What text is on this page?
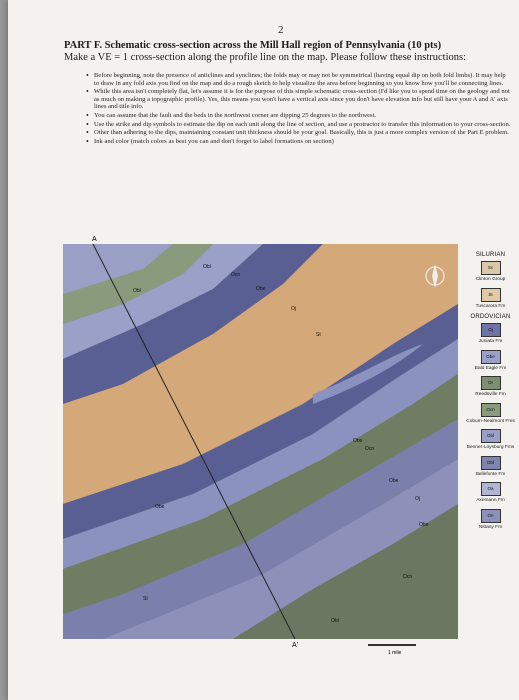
2
PART F. Schematic cross-section across the Mill Hall region of Pennsylvania (10 pts)
Make a VE = 1 cross-section along the profile line on the map. Please follow these instructions:
• Before beginning, note the presence of anticlines and synclines; the folds may or may not be symmetrical (having equal dip on both fold limbs). It may help to draw in any fold axis you find on the map and do a rough sketch to help visualize the area before beginning so you know how you'll be connecting lines.
• While this area isn't completely flat, let's assume it is for the purpose of this simple schematic cross-section (I'd like you to spend time on the geology and not as much on making a topographic profile). Yes, this means you won't have a vertical axis since you don't have elevation info but still have your A and A' axis lines and title info.
• You can assume that the fault and the beds in the northwest corner are dipping 25 degrees to the northwest.
• Use the strike and dip symbols to estimate the dip on each unit along the line of section, and use a protractor to transfer this information to your cross-section.
• Other than adhering to the dips, maintaining constant unit thickness should be your goal. Basically, this is just a more complex version of the Part E problem.
• Ink and color (match colors as best you can and don't forget to label formations on section)
A
Obl
Ocn
Obe
Oj
St
Obl
Obe
Ocn
Obe
Oj
Obe
Ocn
Obl
Obe
St
A'
1 mile
SILURIAN
Sc
Clinton Group
St
Tuscarora Fm
ORDOVICIAN
Oj
Juniata Fm
Obe
Bald Eagle Fm
Or
Reedsville Fm
Ocn
Coburn-Nealmont Fms
Obl
Benner-Loysburg Fms
Obf
Bellefonte Fm
Oa
Axemann Fm
On
Nittany Fm
